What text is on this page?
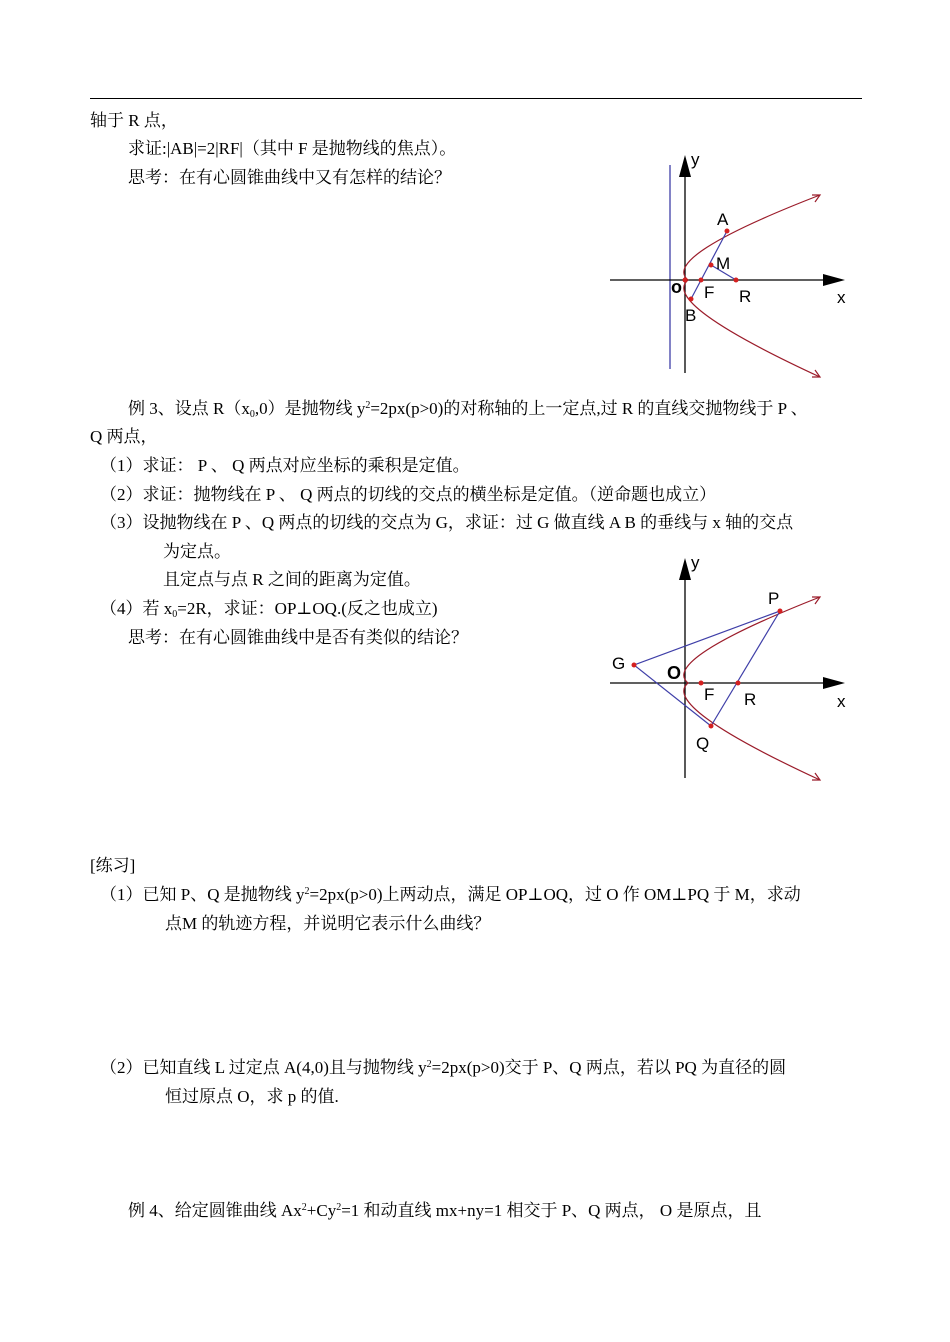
轴于 R 点，
求证:|AB|=2|RF|（其中 F 是抛物线的焦点）。
思考：在有心圆锥曲线中又有怎样的结论？
y
A
M
o F R	x
B
例 3、设点 $R(x_0,0)$是抛物线 $y^2=2px(p>0)$的对称轴的上一定点,过 R 的直线交抛物线于 P 、
Q 两点，
（1）求证： P 、 Q 两点对应坐标的乘积是定值。
（2）求证：抛物线在 P 、 Q 两点的切线的交点的横坐标是定值。（逆命题也成立）
（3）设抛物线在 P 、Q 两点的切线的交点为 G，求证：过 G 做直线 A B 的垂线与 x 轴的交点
为定点。
且定点与点 R 之间的距离为定值。
（4）若 $x_0=2R$，求证：OP⊥OQ.(反之也成立)
思考：在有心圆锥曲线中是否有类似的结论？
y
P
G O
F R	x
Q
[练习]
（1）已知 P、Q 是抛物线 $y^2=2px(p>0)$上两动点，满足 OP⊥OQ，过 O 作 OM⊥PQ 于 M，求动
点M 的轨迹方程，并说明它表示什么曲线？
（2）已知直线 L 过定点 A(4,0)且与抛物线 $y^2=2px(p>0)$交于 P、Q 两点，若以 PQ 为直径的圆
恒过原点 O，求 p 的值.
例 4、给定圆锥曲线 $Ax^2+Cy^2=1$ 和动直线 mx+ny=1 相交于 P、Q 两点， O 是原点，且
